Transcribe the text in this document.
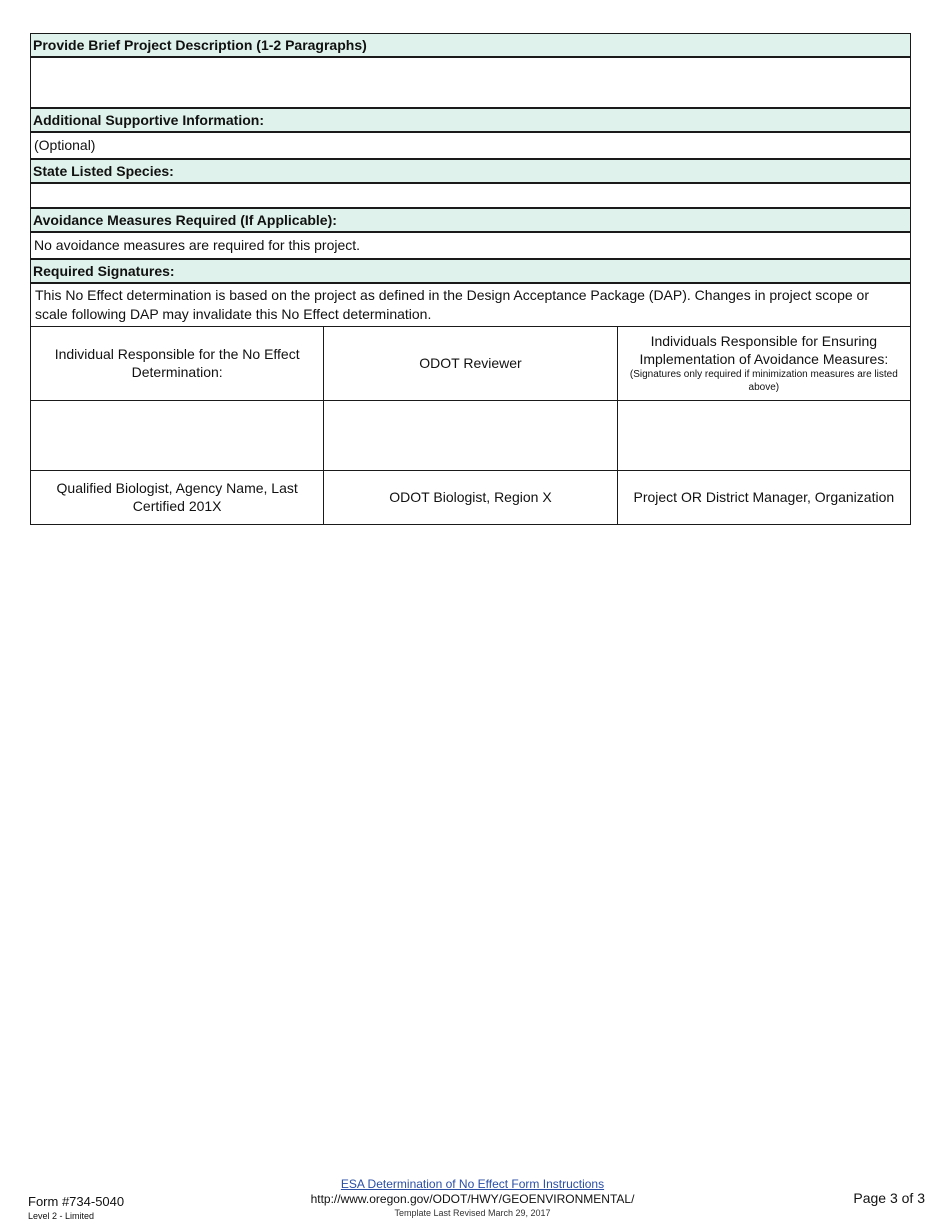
Provide Brief Project Description (1-2 Paragraphs)
Additional Supportive Information:
(Optional)
State Listed Species:
Avoidance Measures Required (If Applicable):
No avoidance measures are required for this project.
Required Signatures:
This No Effect determination is based on the project as defined in the Design Acceptance Package (DAP). Changes in project scope or scale following DAP may invalidate this No Effect determination.
Individual Responsible for the No Effect Determination:	ODOT Reviewer	Individuals Responsible for Ensuring Implementation of Avoidance Measures:
(Signatures only required if minimization measures are listed above)

Qualified Biologist, Agency Name, Last Certified 201X	ODOT Biologist, Region X	Project OR District Manager, Organization
Form #734-5040
Level 2 - Limited
ESA Determination of No Effect Form Instructions
http://www.oregon.gov/ODOT/HWY/GEOENVIRONMENTAL/
Template Last Revised March 29, 2017
Page 3 of 3
